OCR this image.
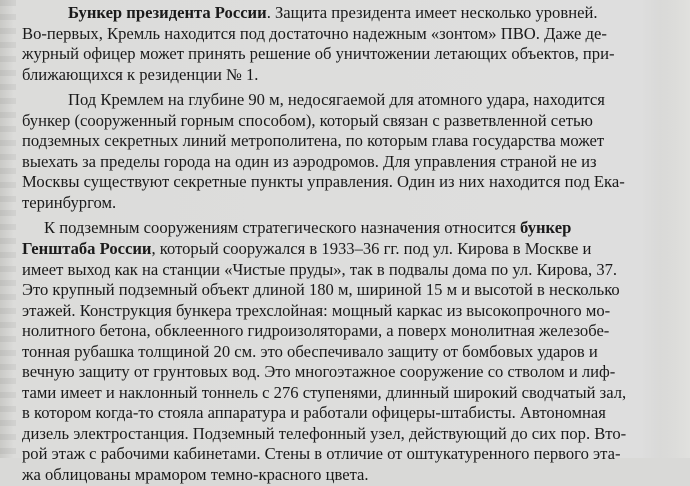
Бункер президента России. Защита президента имеет несколько уровней.
Во-первых, Кремль находится под достаточно надежным «зонтом» ПВО. Даже де-
журный офицер может принять решение об уничтожении летающих объектов, при-
ближающихся к резиденции № 1.
Под Кремлем на глубине 90 м, недосягаемой для атомного удара, находится
бункер (сооруженный горным способом), который связан с разветвленной сетью
подземных секретных линий метрополитена, по которым глава государства может
выехать за пределы города на один из аэродромов. Для управления страной не из
Москвы существуют секретные пункты управления. Один из них находится под Ека-
теринбургом.
К подземным сооружениям стратегического назначения относится бункер
Генштаба России, который сооружался в 1933–36 гг. под ул. Кирова в Москве и
имеет выход как на станции «Чистые пруды», так в подвалы дома по ул. Кирова, 37.
Это крупный подземный объект длиной 180 м, шириной 15 м и высотой в несколько
этажей. Конструкция бункера трехслойная: мощный каркас из высокопрочного мо-
нолитного бетона, обклеенного гидроизоляторами, а поверх монолитная железобе-
тонная рубашка толщиной 20 см. это обеспечивало защиту от бомбовых ударов и
вечную защиту от грунтовых вод. Это многоэтажное сооружение со стволом и лиф-
тами имеет и наклонный тоннель с 276 ступенями, длинный широкий сводчатый зал,
в котором когда-то стояла аппаратура и работали офицеры-штабисты. Автономная
дизель электростанция. Подземный телефонный узел, действующий до сих пор. Вто-
рой этаж с рабочими кабинетами. Стены в отличие от оштукатуренного первого эта-
жа облицованы мрамором темно-красного цвета.
